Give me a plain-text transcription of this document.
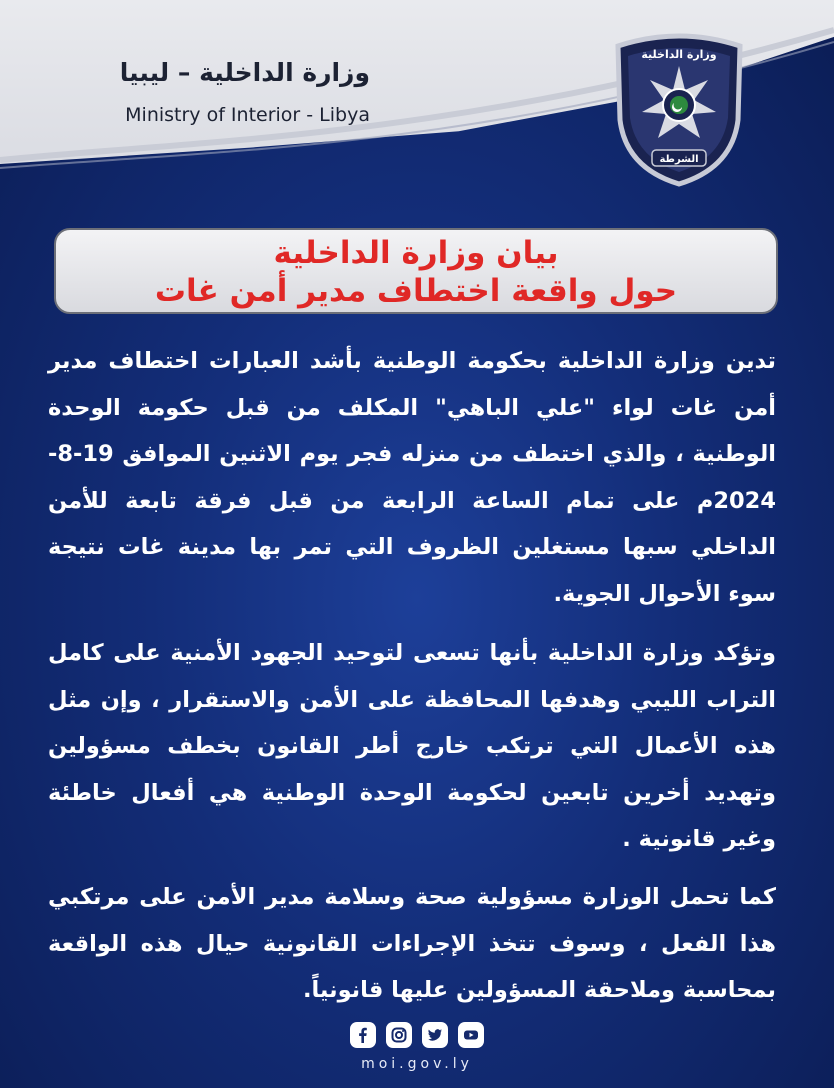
وزارة الداخلية – ليبيا
Ministry of Interior - Libya
وزارة الداخلية
الشرطة
بيان وزارة الداخلية
حول واقعة اختطاف مدير أمن غات
تدين وزارة الداخلية بحكومة الوطنية بأشد العبارات اختطاف مدير أمن غات لواء "علي الباهي" المكلف من قبل حكومة الوحدة الوطنية ، والذي اختطف من منزله فجر يوم الاثنين الموافق 19-8-2024م على تمام الساعة الرابعة من قبل فرقة تابعة للأمن الداخلي سبها مستغلين الظروف التي تمر بها مدينة غات نتيجة سوء الأحوال الجوية.
وتؤكد وزارة الداخلية بأنها تسعى لتوحيد الجهود الأمنية على كامل التراب الليبي وهدفها المحافظة على الأمن والاستقرار ، وإن مثل هذه الأعمال التي ترتكب خارج أطر القانون بخطف مسؤولين وتهديد أخرين تابعين لحكومة الوحدة الوطنية هي أفعال خاطئة وغير قانونية .
كما تحمل الوزارة مسؤولية صحة وسلامة مدير الأمن على مرتكبي هذا الفعل ، وسوف تتخذ الإجراءات القانونية حيال هذه الواقعة بمحاسبة وملاحقة المسؤولين عليها قانونياً.
moi.gov.ly
